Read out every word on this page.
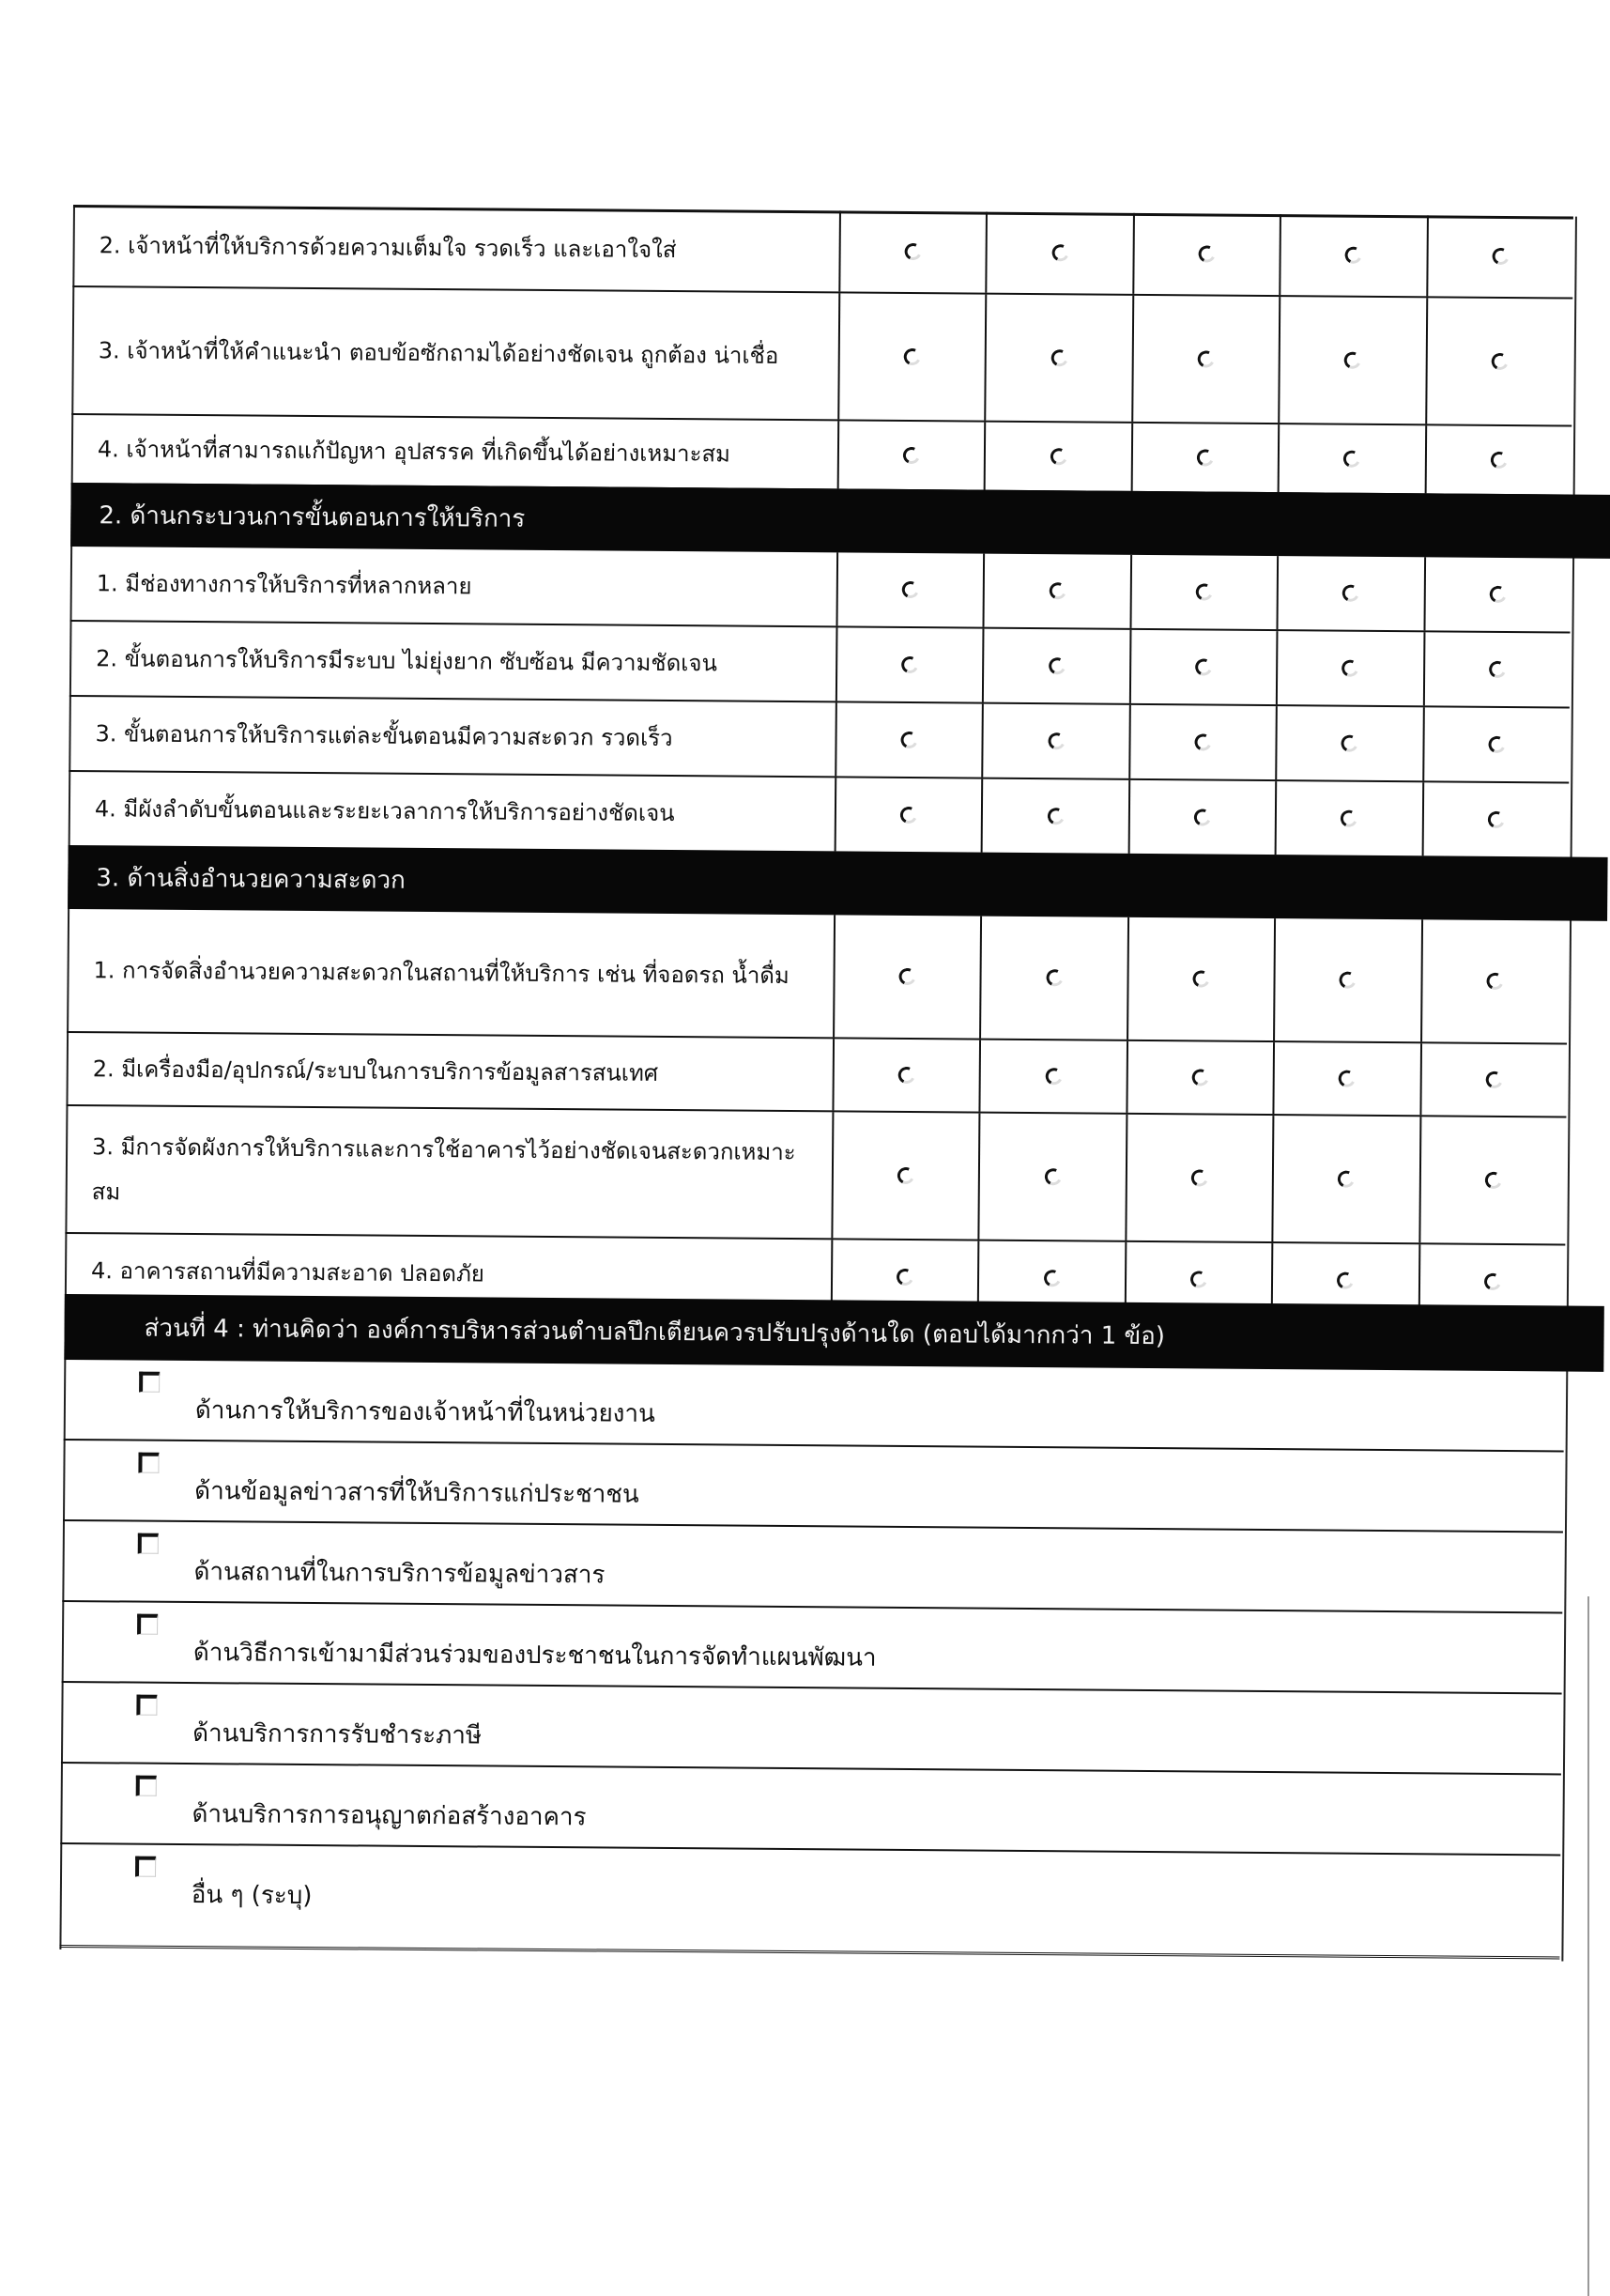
2. เจ้าหน้าที่ให้บริการด้วยความเต็มใจ รวดเร็ว และเอาใจใส่
3. เจ้าหน้าที่ให้คำแนะนำ ตอบข้อซักถามได้อย่างชัดเจน ถูกต้อง น่าเชื่อ
4. เจ้าหน้าที่สามารถแก้ปัญหา อุปสรรค ที่เกิดขึ้นได้อย่างเหมาะสม
2. ด้านกระบวนการขั้นตอนการให้บริการ
1. มีช่องทางการให้บริการที่หลากหลาย
2. ขั้นตอนการให้บริการมีระบบ ไม่ยุ่งยาก ซับซ้อน มีความชัดเจน
3. ขั้นตอนการให้บริการแต่ละขั้นตอนมีความสะดวก รวดเร็ว
4. มีผังลำดับขั้นตอนและระยะเวลาการให้บริการอย่างชัดเจน
3. ด้านสิ่งอำนวยความสะดวก
1. การจัดสิ่งอำนวยความสะดวกในสถานที่ให้บริการ เช่น ที่จอดรถ น้ำดื่ม
2. มีเครื่องมือ/อุปกรณ์/ระบบในการบริการข้อมูลสารสนเทศ
3. มีการจัดผังการให้บริการและการใช้อาคารไว้อย่างชัดเจนสะดวกเหมาะสม
4. อาคารสถานที่มีความสะอาด ปลอดภัย
ส่วนที่ 4 : ท่านคิดว่า องค์การบริหารส่วนตำบลปึกเตียนควรปรับปรุงด้านใด (ตอบได้มากกว่า 1 ข้อ)
ด้านการให้บริการของเจ้าหน้าที่ในหน่วยงาน
ด้านข้อมูลข่าวสารที่ให้บริการแก่ประชาชน
ด้านสถานที่ในการบริการข้อมูลข่าวสาร
ด้านวิธีการเข้ามามีส่วนร่วมของประชาชนในการจัดทำแผนพัฒนา
ด้านบริการการรับชำระภาษี
ด้านบริการการอนุญาตก่อสร้างอาคาร
อื่น ๆ (ระบุ)
